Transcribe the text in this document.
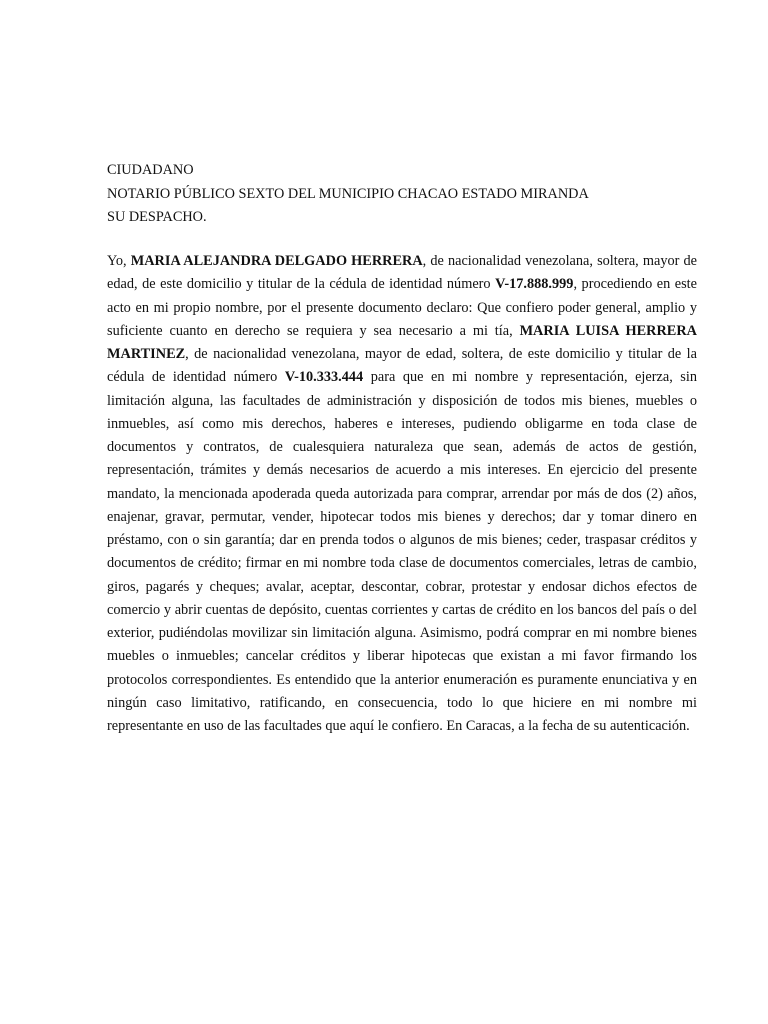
CIUDADANO
NOTARIO PÚBLICO SEXTO DEL MUNICIPIO CHACAO ESTADO MIRANDA
SU DESPACHO.
Yo, MARIA ALEJANDRA DELGADO HERRERA, de nacionalidad venezolana, soltera, mayor de edad, de este domicilio y titular de la cédula de identidad número V-17.888.999, procediendo en este acto en mi propio nombre, por el presente documento declaro: Que confiero poder general, amplio y suficiente cuanto en derecho se requiera y sea necesario a mi tía, MARIA LUISA HERRERA MARTINEZ, de nacionalidad venezolana, mayor de edad, soltera, de este domicilio y titular de la cédula de identidad número V-10.333.444 para que en mi nombre y representación, ejerza, sin limitación alguna, las facultades de administración y disposición de todos mis bienes, muebles o inmuebles, así como mis derechos, haberes e intereses, pudiendo obligarme en toda clase de documentos y contratos, de cualesquiera naturaleza que sean, además de actos de gestión, representación, trámites y demás necesarios de acuerdo a mis intereses. En ejercicio del presente mandato, la mencionada apoderada queda autorizada para comprar, arrendar por más de dos (2) años, enajenar, gravar, permutar, vender, hipotecar todos mis bienes y derechos; dar y tomar dinero en préstamo, con o sin garantía; dar en prenda todos o algunos de mis bienes; ceder, traspasar créditos y documentos de crédito; firmar en mi nombre toda clase de documentos comerciales, letras de cambio, giros, pagarés y cheques; avalar, aceptar, descontar, cobrar, protestar y endosar dichos efectos de comercio y abrir cuentas de depósito, cuentas corrientes y cartas de crédito en los bancos del país o del exterior, pudiéndolas movilizar sin limitación alguna. Asimismo, podrá comprar en mi nombre bienes muebles o inmuebles; cancelar créditos y liberar hipotecas que existan a mi favor firmando los protocolos correspondientes. Es entendido que la anterior enumeración es puramente enunciativa y en ningún caso limitativo, ratificando, en consecuencia, todo lo que hiciere en mi nombre mi representante en uso de las facultades que aquí le confiero. En Caracas, a la fecha de su autenticación.
